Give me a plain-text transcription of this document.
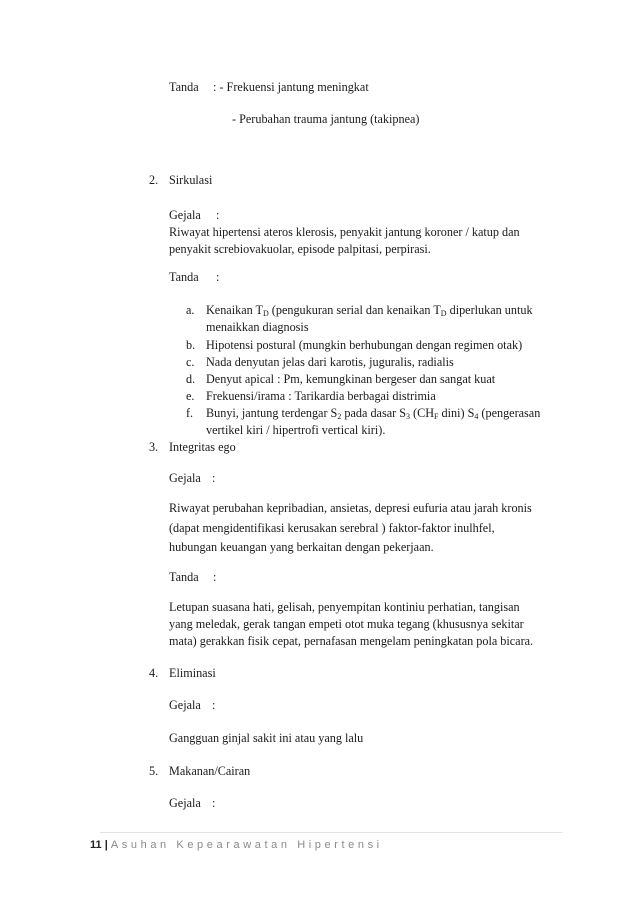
Tanda : - Frekuensi jantung meningkat
- Perubahan trauma jantung (takipnea)
2. Sirkulasi
Gejala :
Riwayat hipertensi ateros klerosis, penyakit jantung koroner / katup dan
penyakit screbiovakuolar, episode palpitasi, perpirasi.
Tanda :
a. Kenaikan $T_D$ (pengukuran serial dan kenaikan $T_D$ diperlukan untuk
menaikkan diagnosis
b. Hipotensi postural (mungkin berhubungan dengan regimen otak)
c. Nada denyutan jelas dari karotis, juguralis, radialis
d. Denyut apical : Pm, kemungkinan bergeser dan sangat kuat
e. Frekuensi/irama : Tarikardia berbagai distrimia
f. Bunyi, jantung terdengar $S_2$ pada dasar $S_3$ ($CH_F$ dini) $S_4$ (pengerasan
vertikel kiri / hipertrofi vertical kiri).
3. Integritas ego
Gejala :
Riwayat perubahan kepribadian, ansietas, depresi eufuria atau jarah kronis
(dapat mengidentifikasi kerusakan serebral ) faktor-faktor inulhfel,
hubungan keuangan yang berkaitan dengan pekerjaan.
Tanda :
Letupan suasana hati, gelisah, penyempitan kontiniu perhatian, tangisan
yang meledak, gerak tangan empeti otot muka tegang (khususnya sekitar
mata) gerakkan fisik cepat, pernafasan mengelam peningkatan pola bicara.
4. Eliminasi
Gejala :
Gangguan ginjal sakit ini atau yang lalu
5. Makanan/Cairan
Gejala :
11 | Asuhan Kepearawatan Hipertensi
